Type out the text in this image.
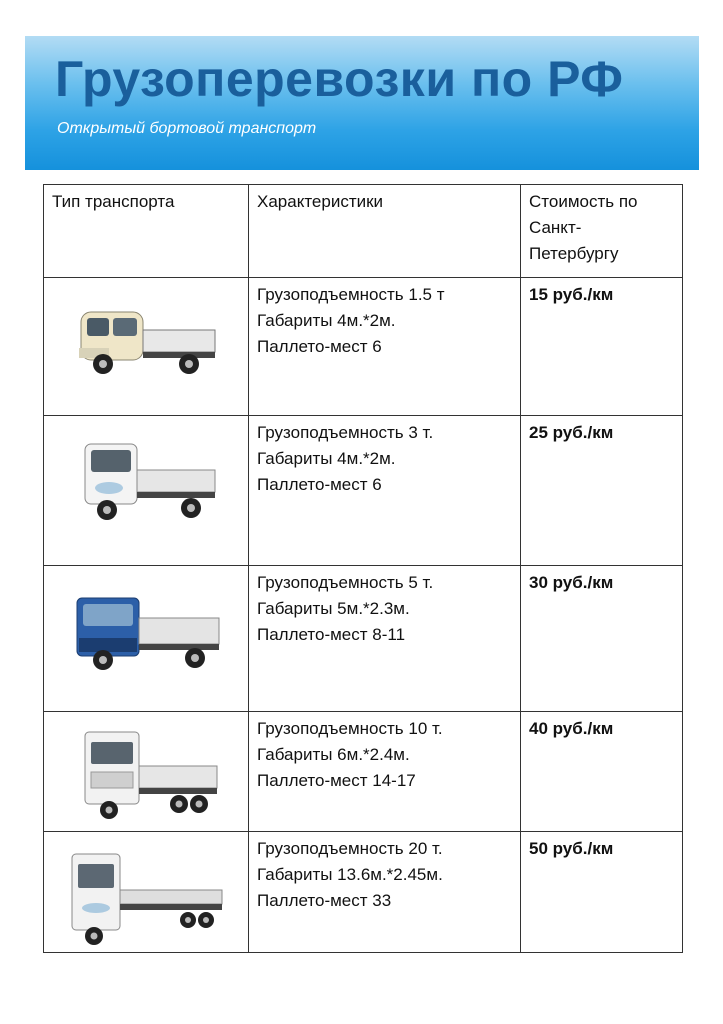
Грузоперевозки по РФ
Открытый бортовой транспорт
Тип транспорта	Характеристики	Стоимость по
Санкт-
Петербургу

Грузоподъемность 1.5 т
Габариты 4м.*2м.
Паллето-мест 6	15 руб./км

Грузоподъемность 3 т.
Габариты 4м.*2м.
Паллето-мест 6	25 руб./км

Грузоподъемность 5 т.
Габариты 5м.*2.3м.
Паллето-мест 8-11	30 руб./км

Грузоподъемность 10 т.
Габариты 6м.*2.4м.
Паллето-мест 14-17	40 руб./км

Грузоподъемность 20 т.
Габариты 13.6м.*2.45м.
Паллето-мест 33	50 руб./км
